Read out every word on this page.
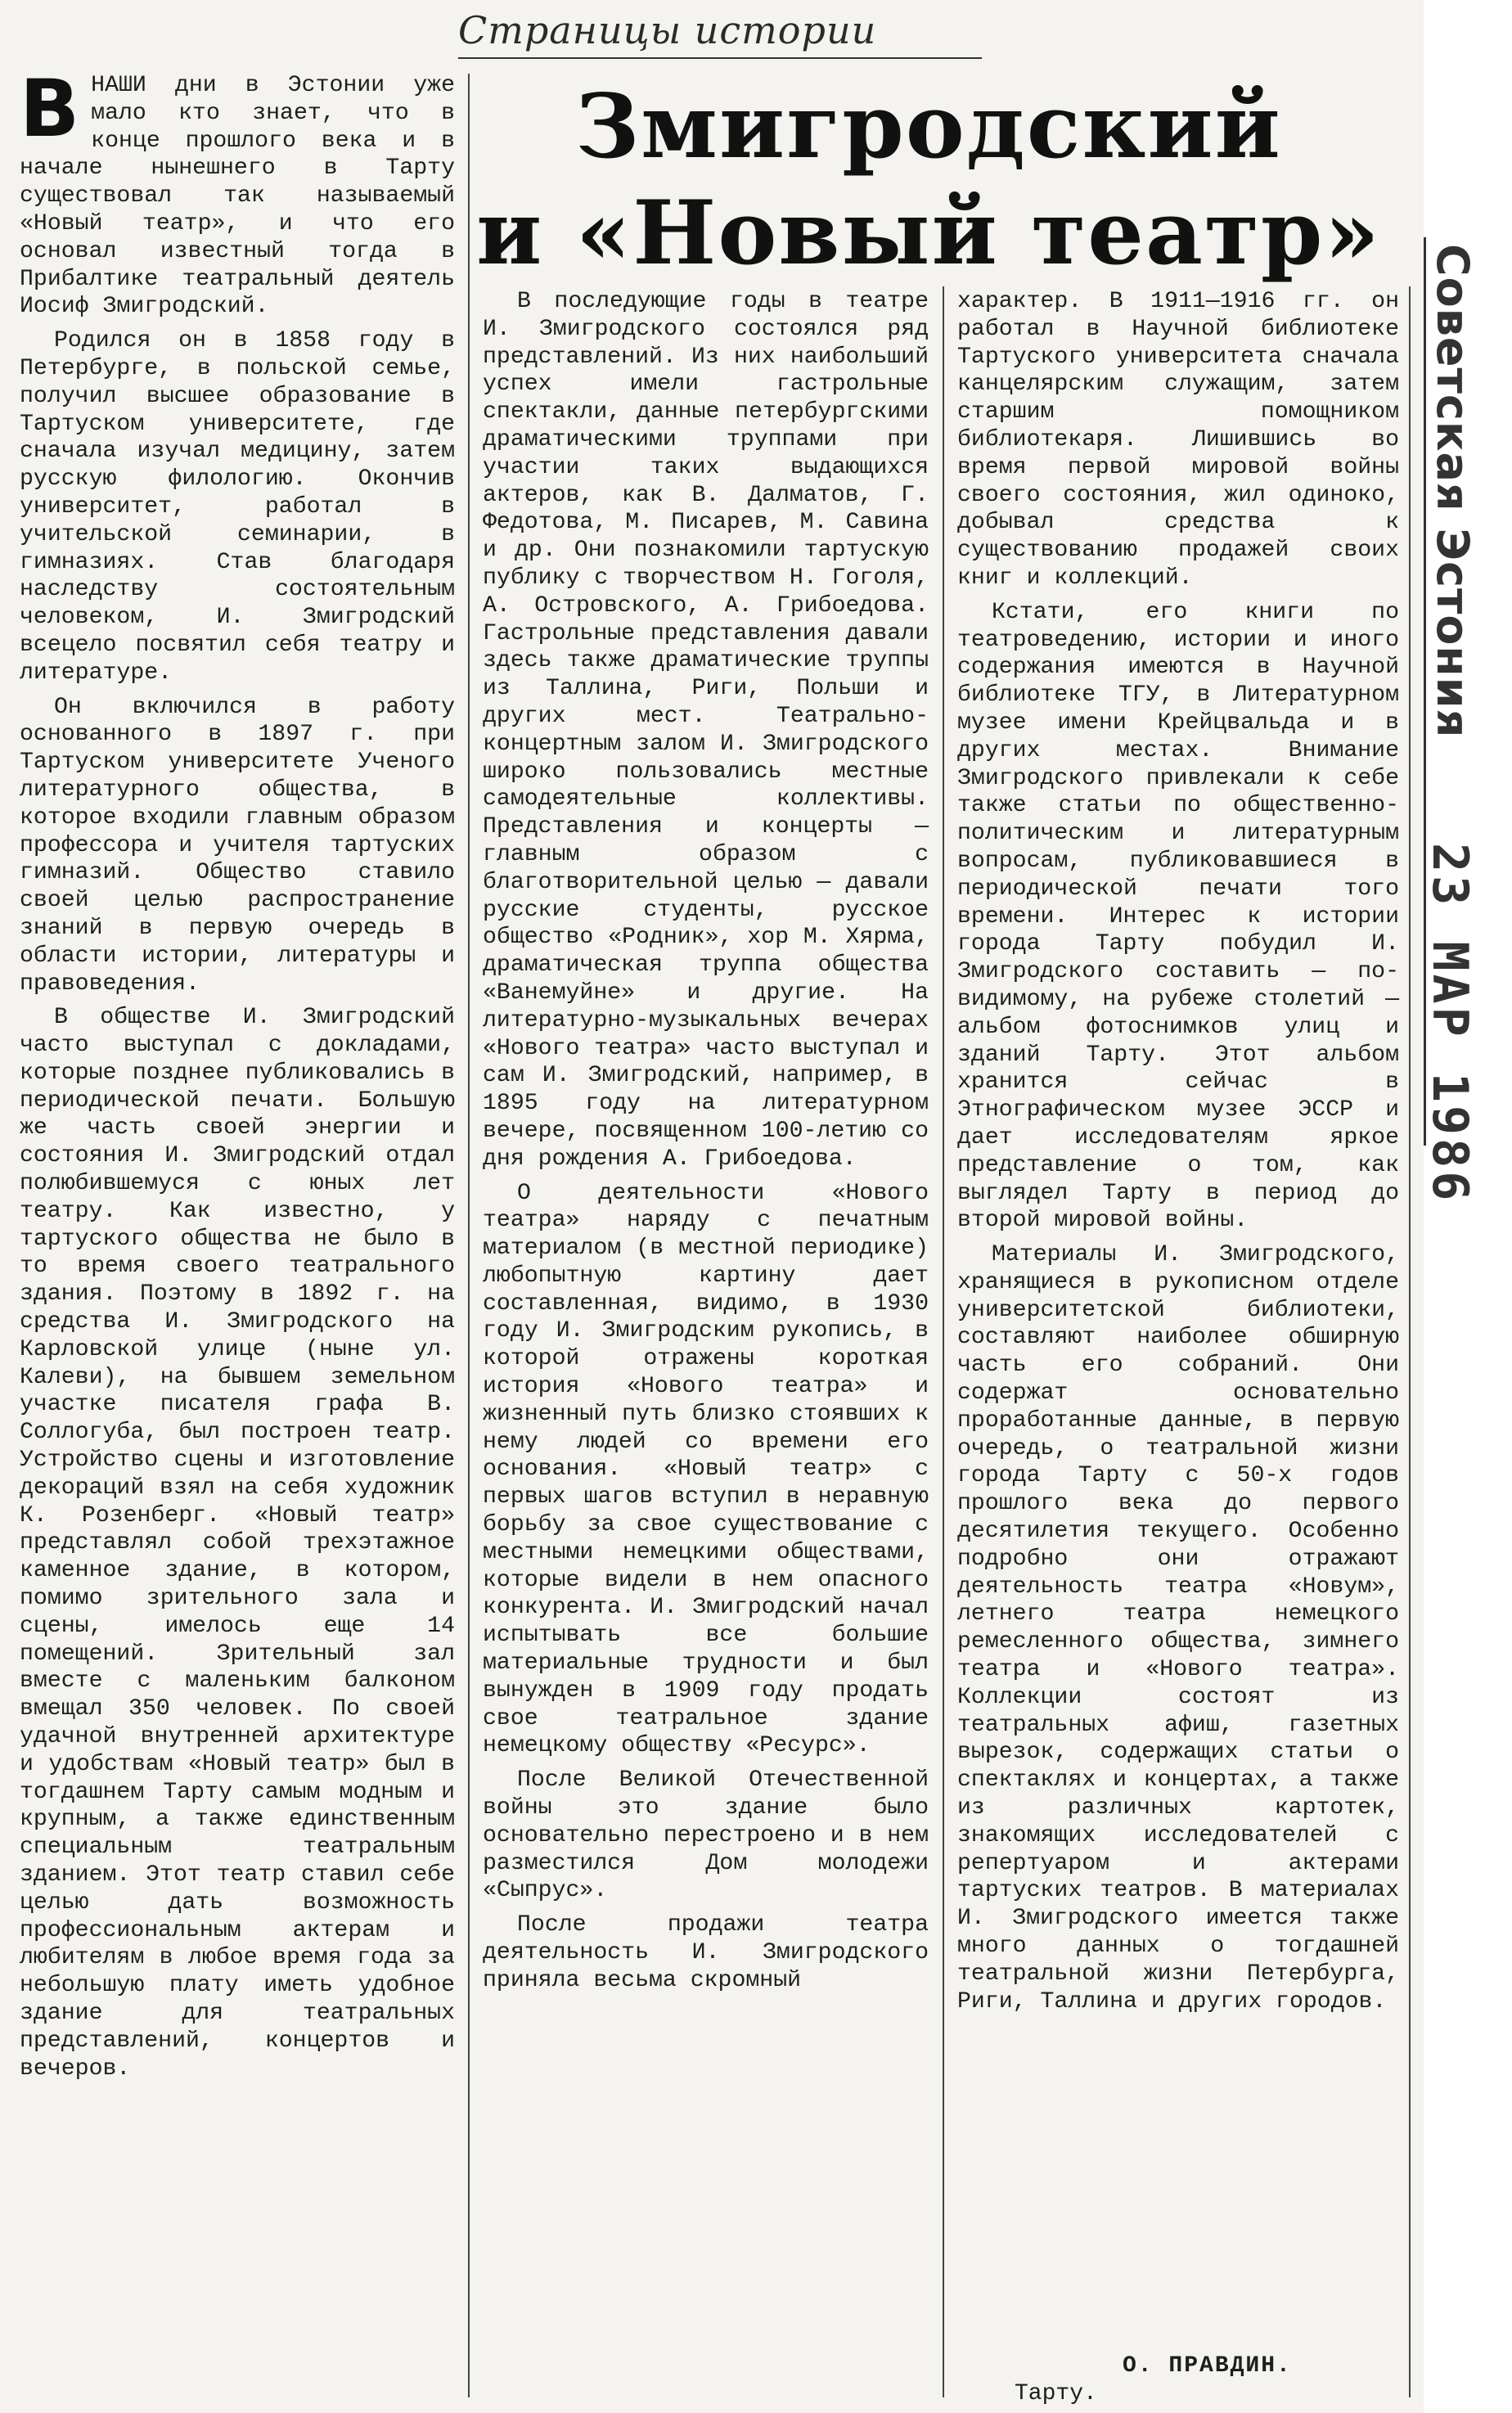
Страницы истории
Змигродский
и «Новый театр»
В НАШИ дни в Эстонии уже мало кто знает, что в конце прошлого века и в начале нынешнего в Тарту существовал так называемый «Новый театр», и что его основал известный тогда в Прибалтике театральный деятель Иосиф Змигродский.

Родился он в 1858 году в Петербурге, в польской семье, получил высшее образование в Тартуском университете, где сначала изучал медицину, затем русскую филологию. Окончив университет, работал в учительской семинарии, в гимназиях. Став благодаря наследству состоятельным человеком, И. Змигродский всецело посвятил себя театру и литературе.

Он включился в работу основанного в 1897 г. при Тартуском университете Ученого литературного общества, в которое входили главным образом профессора и учителя тартуских гимназий. Общество ставило своей целью распространение знаний в первую очередь в области истории, литературы и правоведения.

В обществе И. Змигродский часто выступал с докладами, которые позднее публиковались в периодической печати. Большую же часть своей энергии и состояния И. Змигродский отдал полюбившемуся с юных лет театру. Как известно, у тартуского общества не было в то время своего театрального здания. Поэтому в 1892 г. на средства И. Змигродского на Карловской улице (ныне ул. Калеви), на бывшем земельном участке писателя графа В. Соллогуба, был построен театр. Устройство сцены и изготовление декораций взял на себя художник К. Розенберг. «Новый театр» представлял собой трехэтажное каменное здание, в котором, помимо зрительного зала и сцены, имелось еще 14 помещений. Зрительный зал вместе с маленьким балконом вмещал 350 человек. По своей удачной внутренней архитектуре и удобствам «Новый театр» был в тогдашнем Тарту самым модным и крупным, а также единственным специальным театральным зданием. Этот театр ставил себе целью дать возможность профессиональным актерам и любителям в любое время года за небольшую плату иметь удобное здание для театральных представлений, концертов и вечеров.

В последующие годы в театре И. Змигродского состоялся ряд представлений. Из них наибольший успех имели гастрольные спектакли, данные петербургскими драматическими труппами при участии таких выдающихся актеров, как В. Далматов, Г. Федотова, М. Писарев, М. Савина и др. Они познакомили тартускую публику с творчеством Н. Гоголя, А. Островского, А. Грибоедова. Гастрольные представления давали здесь также драматические труппы из Таллина, Риги, Польши и других мест. Театрально-концертным залом И. Змигродского широко пользовались местные самодеятельные коллективы. Представления и концерты — главным образом с благотворительной целью — давали русские студенты, русское общество «Родник», хор М. Хярма, драматическая труппа общества «Ванемуйне» и другие. На литературно-музыкальных вечерах «Нового театра» часто выступал и сам И. Змигродский, например, в 1895 году на литературном вечере, посвященном 100-летию со дня рождения А. Грибоедова.

О деятельности «Нового театра» наряду с печатным материалом (в местной периодике) любопытную картину дает составленная, видимо, в 1930 году И. Змигродским рукопись, в которой отражены короткая история «Нового театра» и жизненный путь близко стоявших к нему людей со времени его основания. «Новый театр» с первых шагов вступил в неравную борьбу за свое существование с местными немецкими обществами, которые видели в нем опасного конкурента. И. Змигродский начал испытывать все большие материальные трудности и был вынужден в 1909 году продать свое театральное здание немецкому обществу «Ресурс».

После Великой Отечественной войны это здание было основательно перестроено и в нем разместился Дом молодежи «Сыпрус».

После продажи театра деятельность И. Змигродского приняла весьма скромный

характер. В 1911—1916 гг. он работал в Научной библиотеке Тартуского университета сначала канцелярским служащим, затем старшим помощником библиотекаря. Лишившись во время первой мировой войны своего состояния, жил одиноко, добывал средства к существованию продажей своих книг и коллекций.

Кстати, его книги по театроведению, истории и иного содержания имеются в Научной библиотеке ТГУ, в Литературном музее имени Крейцвальда и в других местах. Внимание Змигродского привлекали к себе также статьи по общественно-политическим и литературным вопросам, публиковавшиеся в периодической печати того времени. Интерес к истории города Тарту побудил И. Змигродского составить — по-видимому, на рубеже столетий — альбом фотоснимков улиц и зданий Тарту. Этот альбом хранится сейчас в Этнографическом музее ЭССР и дает исследователям яркое представление о том, как выглядел Тарту в период до второй мировой войны.

Материалы И. Змигродского, хранящиеся в рукописном отделе университетской библиотеки, составляют наиболее обширную часть его собраний. Они содержат основательно проработанные данные, в первую очередь, о театральной жизни города Тарту с 50-х годов прошлого века до первого десятилетия текущего. Особенно подробно они отражают деятельность театра «Новум», летнего театра немецкого ремесленного общества, зимнего театра и «Нового театра». Коллекции состоят из театральных афиш, газетных вырезок, содержащих статьи о спектаклях и концертах, а также из различных картотек, знакомящих исследователей с репертуаром и актерами тартуских театров. В материалах И. Змигродского имеется также много данных о тогдашней театральной жизни Петербурга, Риги, Таллина и других городов.

О. ПРАВДИН.
Тарту.
Советская Эстония
23 МАР 1986
